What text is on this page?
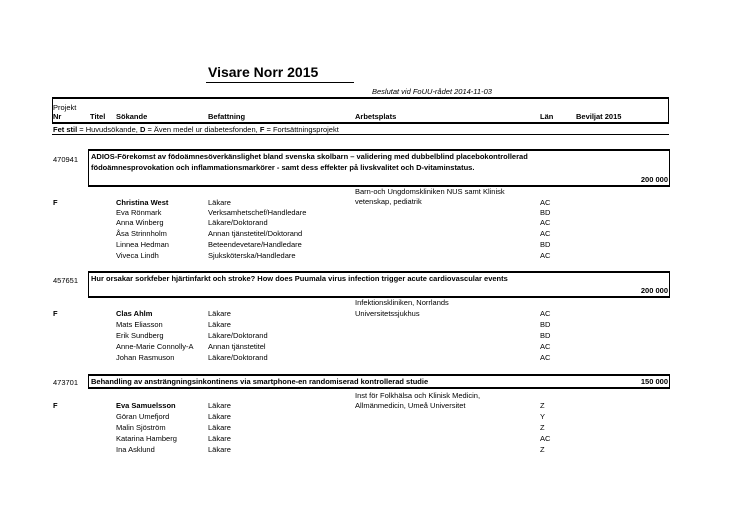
Visare Norr 2015
Beslutat vid FoUU-rådet 2014-11-03
Projekt
Nr	Titel Sökande	Befattning	Arbetsplats	Län	Beviljat 2015
Fet stil = Huvudsökande, D = Även medel ur diabetesfonden, F = Fortsättningsprojekt
470941 ADIOS-Förekomst av födoämnesöverkänslighet bland svenska skolbarn – validering med dubbelblind placebokontrollerad födoämnesprovokation och inflammationsmarkörer - samt dess effekter på livskvalitet och D-vitaminstatus.
200 000
Barn-och Ungdomskliniken NUS samt Klinisk
vetenskap, pediatrik
F	Christina West	Läkare	AC
Eva Rönmark	Verksamhetschef/Handledare	BD
Anna Winberg	Läkare/Doktorand	AC
Åsa Strinnholm	Annan tjänstetitel/Doktorand	AC
Linnea Hedman	Beteendevetare/Handledare	BD
Viveca Lindh	Sjuksköterska/Handledare	AC
457651 Hur orsakar sorkfeber hjärtinfarkt och stroke? How does Puumala virus infection trigger acute cardiovascular events
200 000
Infektionskliniken, Norrlands
Universitetssjukhus
F	Clas Ahlm	Läkare	AC
Mats Eliasson	Läkare	BD
Erik Sundberg	Läkare/Doktorand	BD
Anne-Marie Connolly-A Annan tjänstetitel	AC
Johan Rasmuson	Läkare/Doktorand	AC
473701 Behandling av ansträngningsinkontinens via smartphone-en randomiserad kontrollerad studie	150 000
Inst för Folkhälsa och Klinisk Medicin,
Allmänmedicin, Umeå Universitet
F	Eva Samuelsson	Läkare	Z
Göran Umefjord	Läkare	Y
Malin Sjöström	Läkare	Z
Katarina Hamberg	Läkare	AC
Ina Asklund	Läkare	Z
